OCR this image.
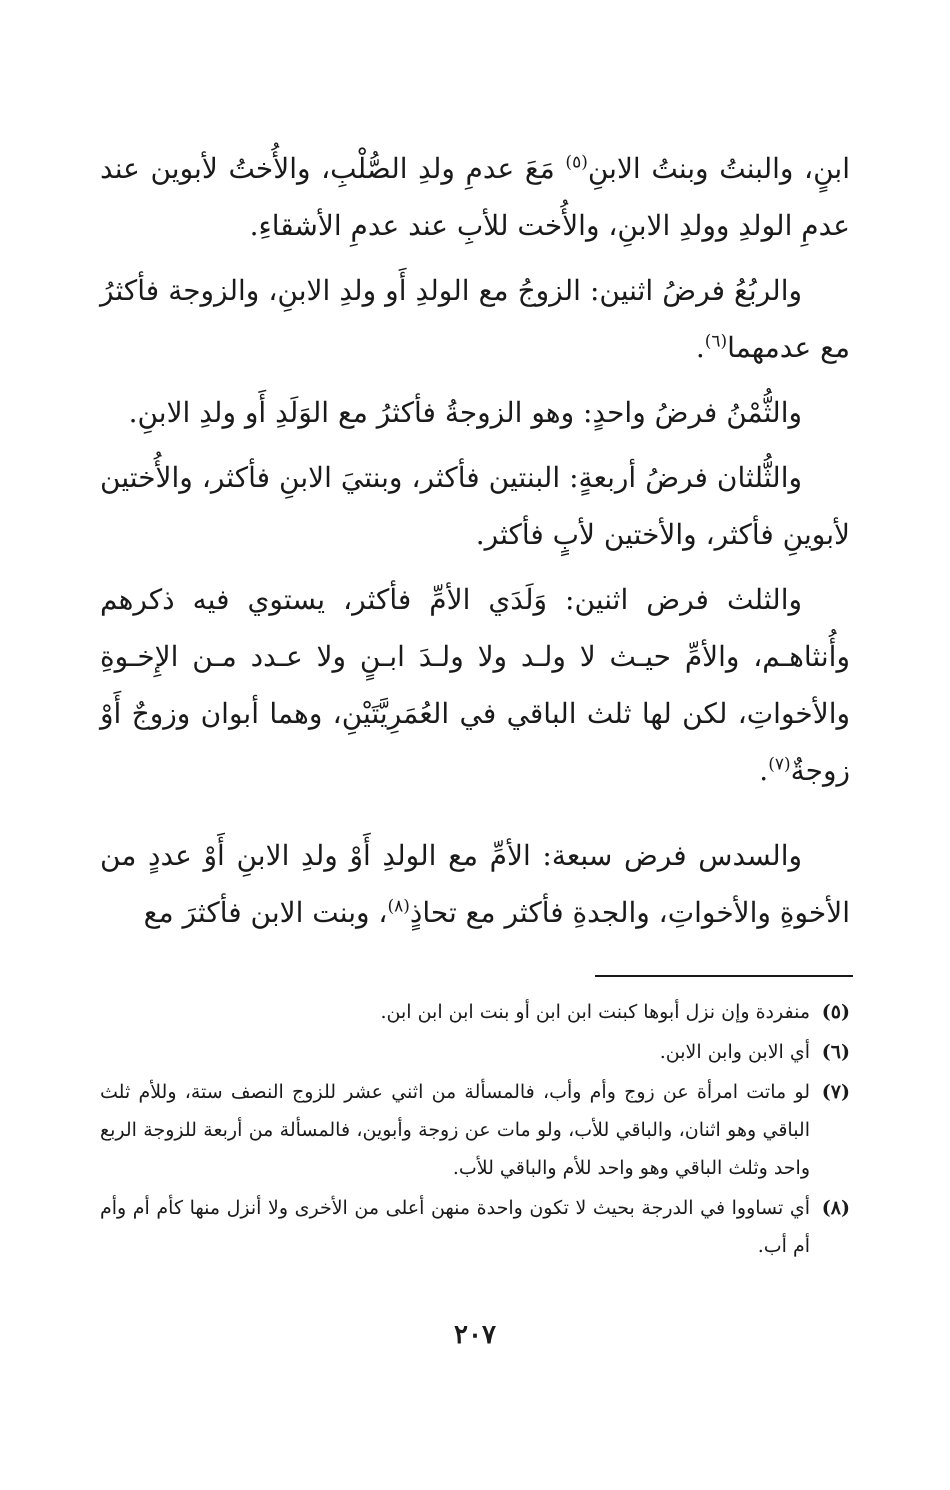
ابنٍ، والبنتُ وبنتُ الابنِ$^{(٥)}$ مَعَ عدمِ ولدِ الصُّلْبِ، والأُختُ لأبوين عند عدمِ الولدِ وولدِ الابنِ، والأُخت للأبِ عند عدمِ الأشقاءِ.

والربُعُ فرضُ اثنين: الزوجُ مع الولدِ أَو ولدِ الابنِ، والزوجة فأكثرُ مع عدمهما$^{(٦)}$.

والثُّمْنُ فرضُ واحدٍ: وهو الزوجةُ فأكثرُ مع الوَلَدِ أَو ولدِ الابنِ.

والثُّلثان فرضُ أربعةٍ: البنتين فأكثر، وبنتيَ الابنِ فأكثر، والأُختين لأبوينِ فأكثر، والأختين لأبٍ فأكثر.

والثلث فرض اثنين: وَلَدَي الأمِّ فأكثر، يستوي فيه ذكرهم وأُنثاهـم، والأمِّ حيـث لا ولـد ولا ولـدَ ابـنٍ ولا عـدد مـن الإِخـوةِ والأخواتِ، لكن لها ثلث الباقي في العُمَرِيَّتَيْنِ، وهما أبوان وزوجٌ أَوْ زوجةٌ$^{(٧)}$.

والسدس فرض سبعة: الأمِّ مع الولدِ أَوْ ولدِ الابنِ أَوْ عددٍ من الأخوةِ والأخواتِ، والجدةِ فأكثر مع تحاذٍ$^{(٨)}$، وبنت الابن فأكثرَ مع

(٥)
منفردة وإن نزل أبوها كبنت ابن ابن أو بنت ابن ابن ابن.
(٦)
أي الابن وابن الابن.
(٧)
لو ماتت امرأة عن زوج وأم وأب، فالمسألة من اثني عشر للزوج النصف ستة، وللأم ثلث الباقي وهو اثنان، والباقي للأب، ولو مات عن زوجة وأبوين، فالمسألة من أربعة للزوجة الربع واحد وثلث الباقي وهو واحد للأم والباقي للأب.
(٨)
أي تساووا في الدرجة بحيث لا تكون واحدة منهن أعلى من الأخرى ولا أنزل منها كأم أم وأم أم أب.
٢٠٧
